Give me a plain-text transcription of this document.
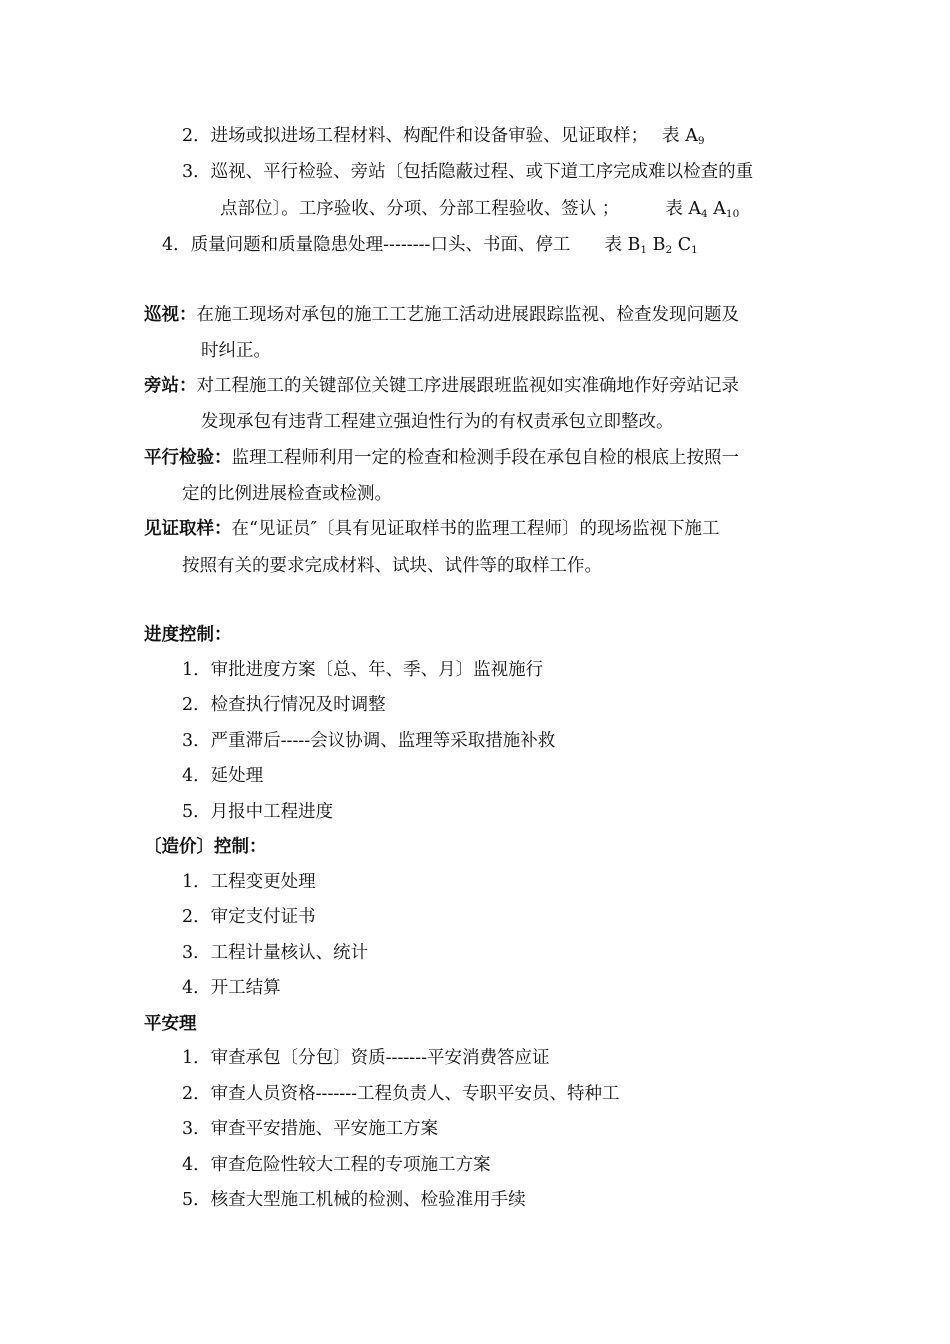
2．进场或拟进场工程材料、构配件和设备审验、见证取样； 表 $A_9$
3．巡视、平行检验、旁站〔包括隐蔽过程、或下道工序完成难以检查的重
点部位〕。工序验收、分项、分部工程验收、签认 ；	表 $A_4$ $A_{10}$
4．质量问题和质量隐患处理--------口头、书面、停工 表 $B_1$ $B_2$ $C_1$
巡视：在施工现场对承包的施工工艺施工活动进展跟踪监视、检查发现问题及
时纠正。
旁站：对工程施工的关键部位关键工序进展跟班监视如实准确地作好旁站记录
发现承包有违背工程建立强迫性行为的有权责承包立即整改。
平行检验：监理工程师利用一定的检查和检测手段在承包自检的根底上按照一
定的比例进展检查或检测。
见证取样：在“见证员″〔具有见证取样书的监理工程师〕的现场监视下施工
按照有关的要求完成材料、试块、试件等的取样工作。
进度控制：
1．审批进度方案〔总、年、季、月〕监视施行
2．检查执行情况及时调整
3．严重滞后-----会议协调、监理等采取措施补救
4．延处理
5．月报中工程进度
〔造价〕控制：
1．工程变更处理
2．审定支付证书
3．工程计量核认、统计
4．开工结算
平安理
1．审查承包〔分包〕资质-------平安消费答应证
2．审查人员资格-------工程负责人、专职平安员、特种工
3．审查平安措施、平安施工方案
4．审查危险性较大工程的专项施工方案
5．核查大型施工机械的检测、检验准用手续
